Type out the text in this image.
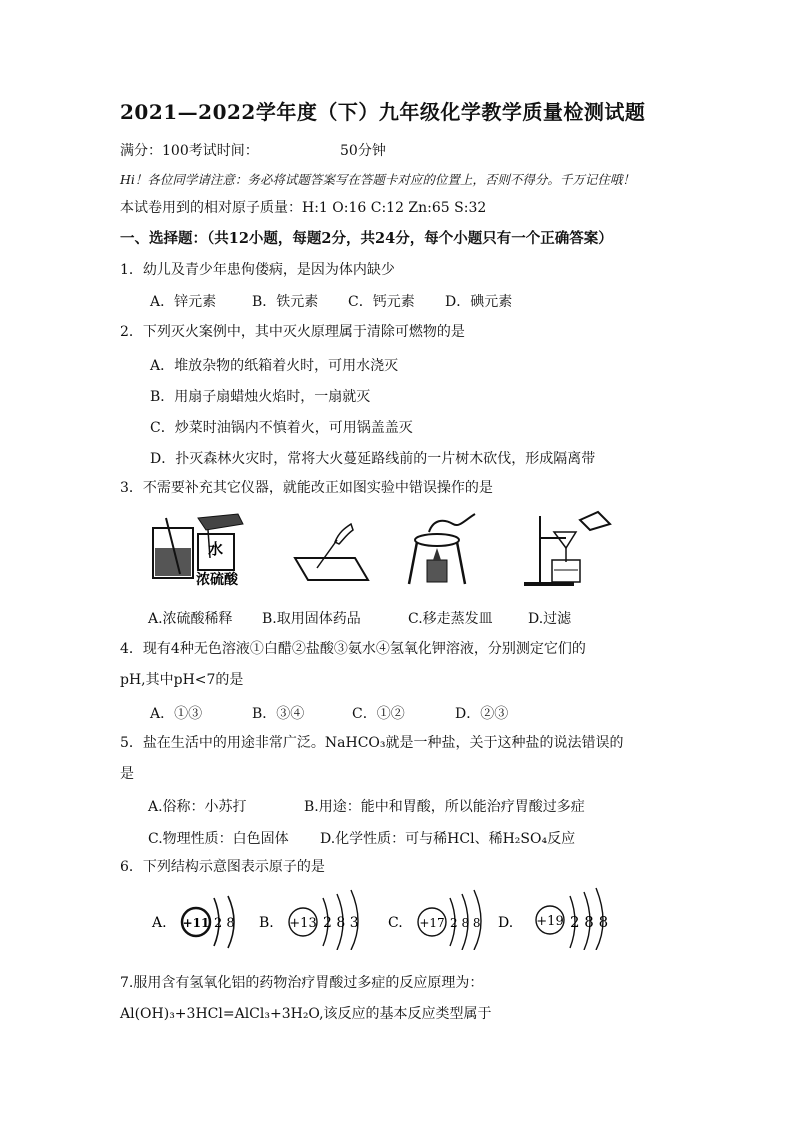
2021—2022学年度（下）九年级化学教学质量检测试题
满分：100考试时间：	50分钟
Hi！各位同学请注意：务必将试题答案写在答题卡对应的位置上，否则不得分。千万记住哦！
本试卷用到的相对原子质量：H:1 O:16 C:12 Zn:65 S:32
一、选择题：（共12小题，每题2分，共24分，每个小题只有一个正确答案）
1．幼儿及青少年患佝偻病，是因为体内缺少
A．锌元素	B．铁元素 C．钙元素 D．碘元素
2．下列灭火案例中，其中灭火原理属于清除可燃物的是
A．堆放杂物的纸箱着火时，可用水浇灭
B．用扇子扇蜡烛火焰时，一扇就灭
C．炒菜时油锅内不慎着火，可用锅盖盖灭
D．扑灭森林火灾时，常将大火蔓延路线前的一片树木砍伐，形成隔离带
3．不需要补充其它仪器，就能改正如图实验中错误操作的是
水
浓硫酸
A.浓硫酸稀释 B.取用固体药品	C.移走蒸发皿	D.过滤
4．现有4种无色溶液①白醋②盐酸③氨水④氢氧化钾溶液，分别测定它们的
pH,其中pH<7的是
A．①③	B．③④	C．①②	D．②③
5．盐在生活中的用途非常广泛。NaHCO₃就是一种盐，关于这种盐的说法错误的
是
A.俗称：小苏打	B.用途：能中和胃酸，所以能治疗胃酸过多症
C.物理性质：白色固体 D.化学性质：可与稀HCl、稀H₂SO₄反应
6．下列结构示意图表示原子的是
A. +11 2 8 B. +13 2 8 3 C. +17 2 8 8 D. +19 2 8 8
7.服用含有氢氧化铝的药物治疗胃酸过多症的反应原理为：
Al(OH)₃+3HCl=AlCl₃+3H₂O,该反应的基本反应类型属于
